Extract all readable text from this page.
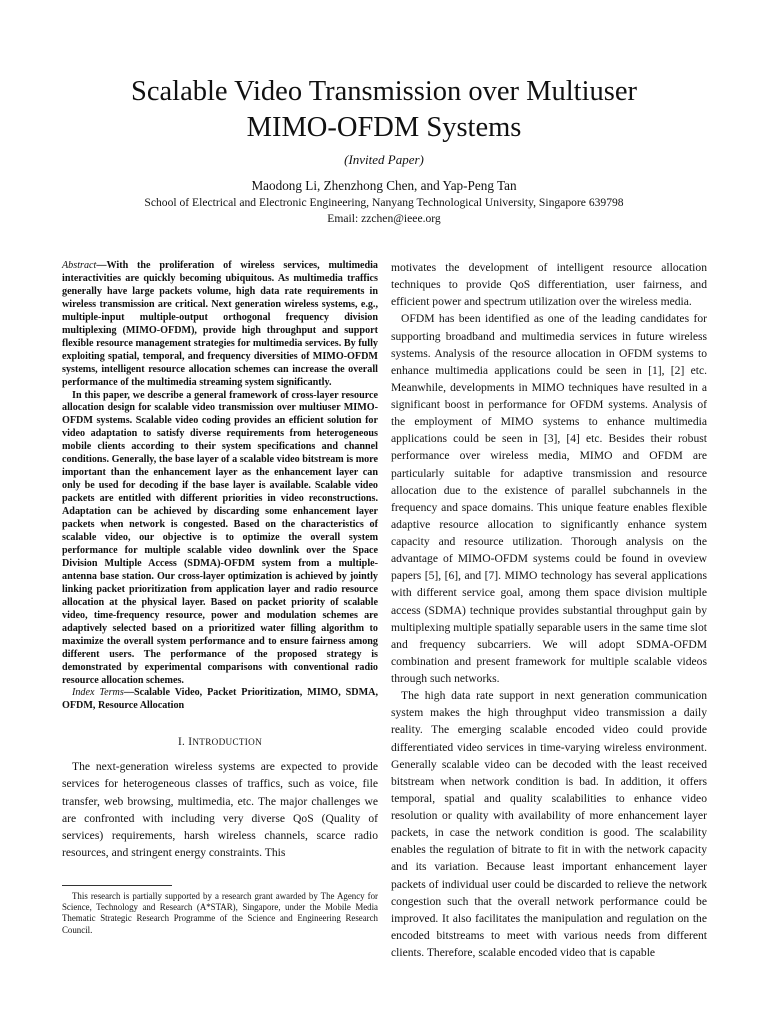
Scalable Video Transmission over Multiuser
MIMO-OFDM Systems
(Invited Paper)
Maodong Li, Zhenzhong Chen, and Yap-Peng Tan
School of Electrical and Electronic Engineering, Nanyang Technological University, Singapore 639798
Email: zzchen@ieee.org

Abstract—With the proliferation of wireless services, multimedia interactivities are quickly becoming ubiquitous. As multimedia traffics generally have large packets volume, high data rate requirements in wireless transmission are critical. Next generation wireless systems, e.g., multiple-input multiple-output orthogonal frequency division multiplexing (MIMO-OFDM), provide high throughput and support flexible resource management strategies for multimedia services. By fully exploiting spatial, temporal, and frequency diversities of MIMO-OFDM systems, intelligent resource allocation schemes can increase the overall performance of the multimedia streaming system significantly.

In this paper, we describe a general framework of cross-layer resource allocation design for scalable video transmission over multiuser MIMO-OFDM systems. Scalable video coding provides an efficient solution for video adaptation to satisfy diverse requirements from heterogeneous mobile clients according to their system specifications and channel conditions. Generally, the base layer of a scalable video bitstream is more important than the enhancement layer as the enhancement layer can only be used for decoding if the base layer is available. Scalable video packets are entitled with different priorities in video reconstructions. Adaptation can be achieved by discarding some enhancement layer packets when network is congested. Based on the characteristics of scalable video, our objective is to optimize the overall system performance for multiple scalable video downlink over the Space Division Multiple Access (SDMA)-OFDM system from a multiple-antenna base station. Our cross-layer optimization is achieved by jointly linking packet prioritization from application layer and radio resource allocation at the physical layer. Based on packet priority of scalable video, time-frequency resource, power and modulation schemes are adaptively selected based on a prioritized water filling algorithm to maximize the overall system performance and to ensure fairness among different users. The performance of the proposed strategy is demonstrated by experimental comparisons with conventional radio resource allocation schemes.

Index Terms—Scalable Video, Packet Prioritization, MIMO, SDMA, OFDM, Resource Allocation

I. INTRODUCTION

The next-generation wireless systems are expected to provide services for heterogeneous classes of traffics, such as voice, file transfer, web browsing, multimedia, etc. The major challenges we are confronted with including very diverse QoS (Quality of services) requirements, harsh wireless channels, scarce radio resources, and stringent energy constraints. This

This research is partially supported by a research grant awarded by The Agency for Science, Technology and Research (A*STAR), Singapore, under the Mobile Media Thematic Strategic Research Programme of the Science and Engineering Research Council.

motivates the development of intelligent resource allocation techniques to provide QoS differentiation, user fairness, and efficient power and spectrum utilization over the wireless media.

OFDM has been identified as one of the leading candidates for supporting broadband and multimedia services in future wireless systems. Analysis of the resource allocation in OFDM systems to enhance multimedia applications could be seen in [1], [2] etc. Meanwhile, developments in MIMO techniques have resulted in a significant boost in performance for OFDM systems. Analysis of the employment of MIMO systems to enhance multimedia applications could be seen in [3], [4] etc. Besides their robust performance over wireless media, MIMO and OFDM are particularly suitable for adaptive transmission and resource allocation due to the existence of parallel subchannels in the frequency and space domains. This unique feature enables flexible adaptive resource allocation to significantly enhance system capacity and resource utilization. Thorough analysis on the advantage of MIMO-OFDM systems could be found in oveview papers [5], [6], and [7]. MIMO technology has several applications with different service goal, among them space division multiple access (SDMA) technique provides substantial throughput gain by multiplexing multiple spatially separable users in the same time slot and frequency subcarriers. We will adopt SDMA-OFDM combination and present framework for multiple scalable videos through such networks.

The high data rate support in next generation communication system makes the high throughput video transmission a daily reality. The emerging scalable encoded video could provide differentiated video services in time-varying wireless environment. Generally scalable video can be decoded with the least received bitstream when network condition is bad. In addition, it offers temporal, spatial and quality scalabilities to enhance video resolution or quality with availability of more enhancement layer packets, in case the network condition is good. The scalability enables the regulation of bitrate to fit in with the network capacity and its variation. Because least important enhancement layer packets of individual user could be discarded to relieve the network congestion such that the overall network performance could be improved. It also facilitates the manipulation and regulation on the encoded bitstreams to meet with various needs from different clients. Therefore, scalable encoded video that is capable
